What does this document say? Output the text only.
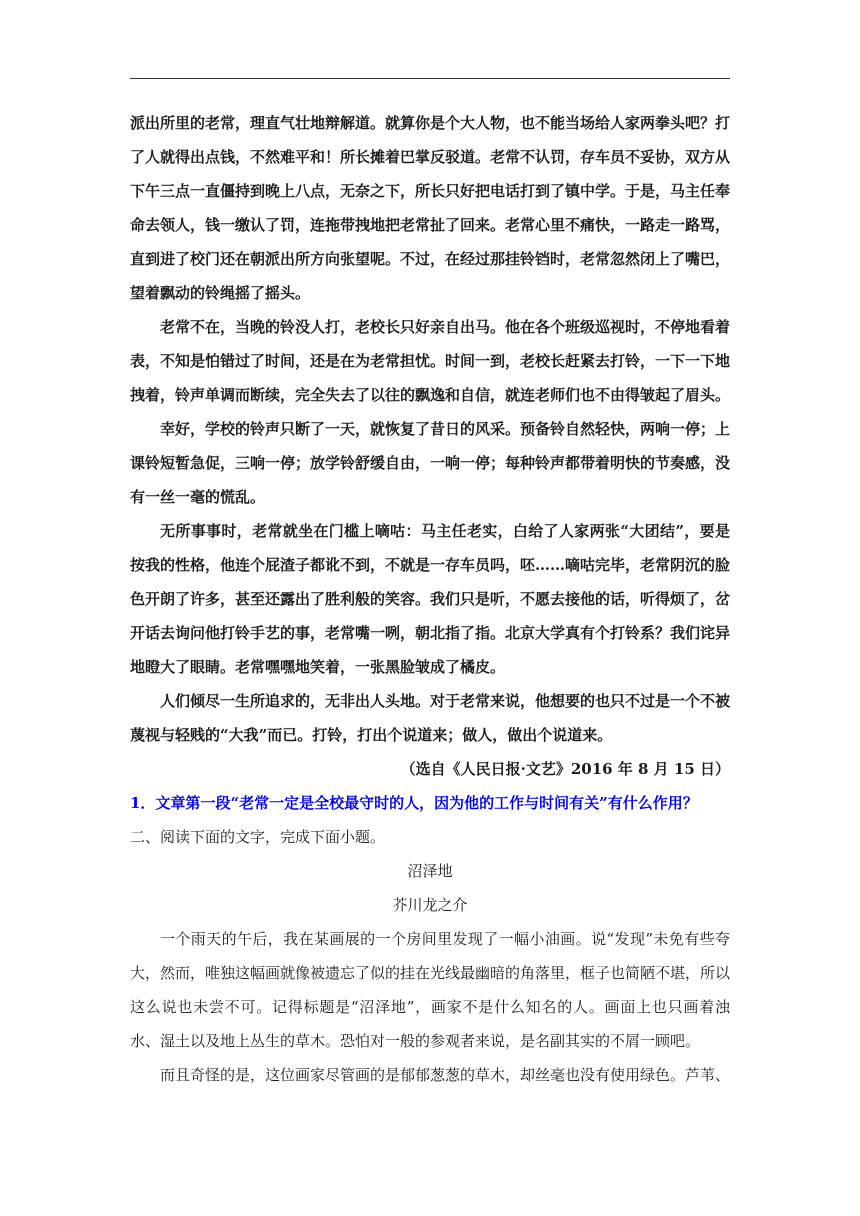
派出所里的老常，理直气壮地辩解道。就算你是个大人物，也不能当场给人家两拳头吧？打了人就得出点钱，不然难平和！所长摊着巴掌反驳道。老常不认罚，存车员不妥协，双方从下午三点一直僵持到晚上八点，无奈之下，所长只好把电话打到了镇中学。于是，马主任奉命去领人，钱一缴认了罚，连拖带拽地把老常扯了回来。老常心里不痛快，一路走一路骂，直到进了校门还在朝派出所方向张望呢。不过，在经过那挂铃铛时，老常忽然闭上了嘴巴，望着飘动的铃绳摇了摇头。

老常不在，当晚的铃没人打，老校长只好亲自出马。他在各个班级巡视时，不停地看着表，不知是怕错过了时间，还是在为老常担忧。时间一到，老校长赶紧去打铃，一下一下地拽着，铃声单调而断续，完全失去了以往的飘逸和自信，就连老师们也不由得皱起了眉头。

幸好，学校的铃声只断了一天，就恢复了昔日的风采。预备铃自然轻快，两响一停；上课铃短暂急促，三响一停；放学铃舒缓自由，一响一停；每种铃声都带着明快的节奏感，没有一丝一毫的慌乱。

无所事事时，老常就坐在门槛上嘀咕：马主任老实，白给了人家两张“大团结”，要是按我的性格，他连个屁渣子都讹不到，不就是一存车员吗，呸……嘀咕完毕，老常阴沉的脸色开朗了许多，甚至还露出了胜利般的笑容。我们只是听，不愿去接他的话，听得烦了，岔开话去询问他打铃手艺的事，老常嘴一咧，朝北指了指。北京大学真有个打铃系？我们诧异地瞪大了眼睛。老常嘿嘿地笑着，一张黑脸皱成了橘皮。

人们倾尽一生所追求的，无非出人头地。对于老常来说，他想要的也只不过是一个不被蔑视与轻贱的“大我”而已。打铃，打出个说道来；做人，做出个说道来。

（选自《人民日报·文艺》2016 年 8 月 15 日）

1．文章第一段“老常一定是全校最守时的人，因为他的工作与时间有关”有什么作用？

二、阅读下面的文字，完成下面小题。

沼泽地

芥川龙之介

一个雨天的午后，我在某画展的一个房间里发现了一幅小油画。说“发现”未免有些夸大，然而，唯独这幅画就像被遗忘了似的挂在光线最幽暗的角落里，框子也简陋不堪，所以这么说也未尝不可。记得标题是“沼泽地”，画家不是什么知名的人。画面上也只画着浊水、湿土以及地上丛生的草木。恐怕对一般的参观者来说，是名副其实的不屑一顾吧。

而且奇怪的是，这位画家尽管画的是郁郁葱葱的草木，却丝毫也没有使用绿色。芦苇、
